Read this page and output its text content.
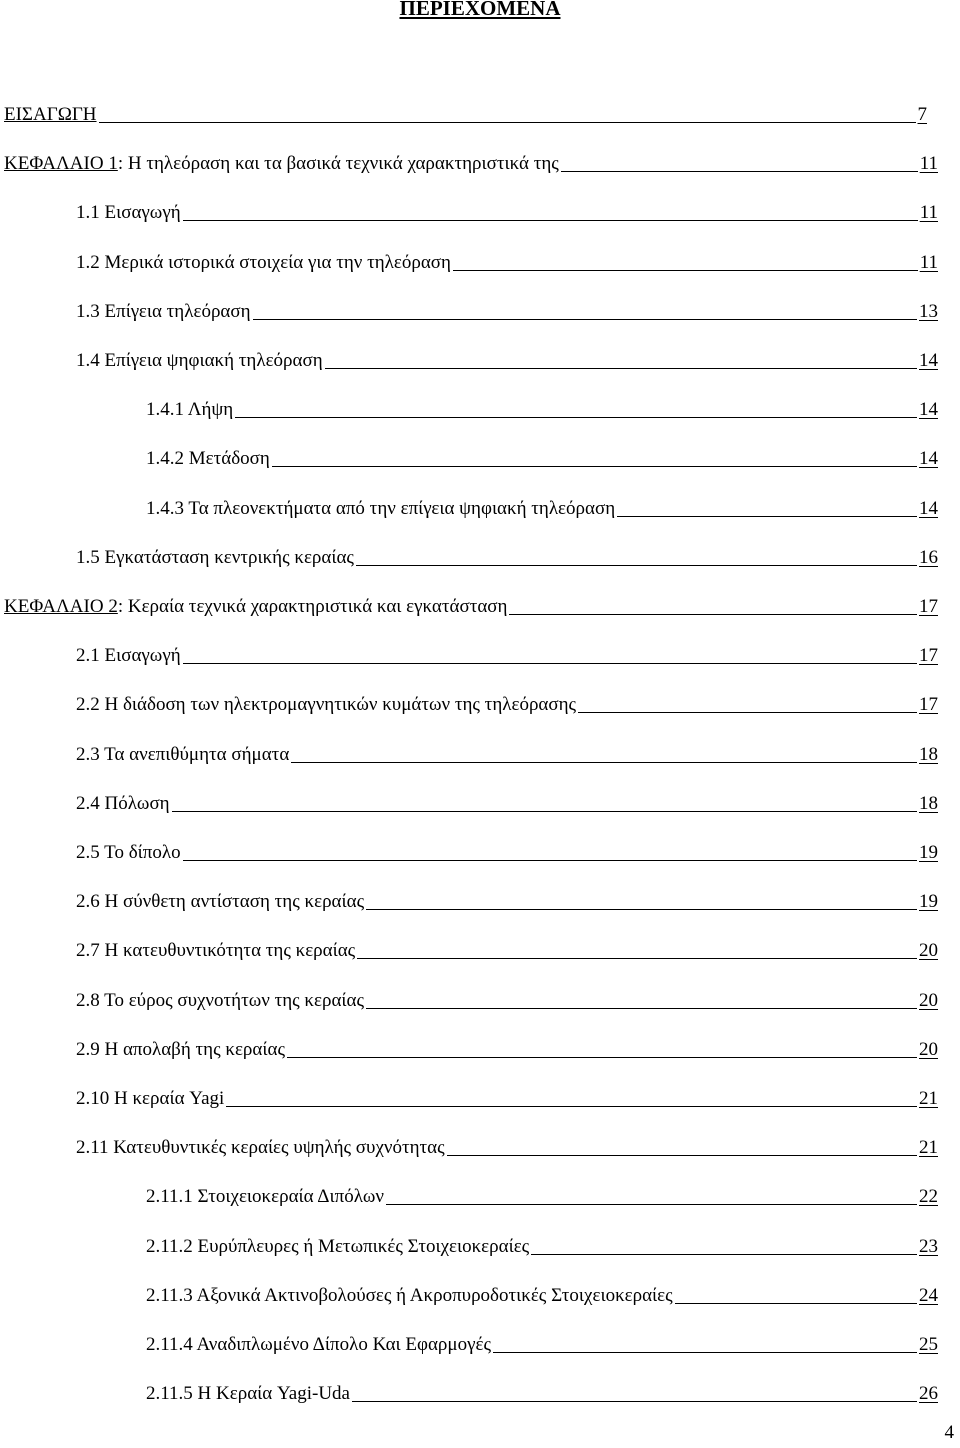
ΠΕΡΙΕΧΟΜΕΝΑ
ΕΙΣΑΓΩΓΗ	7
ΚΕΦΑΛΑΙΟ 1: Η τηλεόραση και τα βασικά τεχνικά χαρακτηριστικά της	11
1.1 Εισαγωγή	11
1.2 Μερικά ιστορικά στοιχεία για την τηλεόραση	11
1.3 Επίγεια τηλεόραση	13
1.4 Επίγεια ψηφιακή τηλεόραση	14
1.4.1 Λήψη	14
1.4.2 Μετάδοση	14
1.4.3 Τα πλεονεκτήματα από την επίγεια ψηφιακή τηλεόραση	14
1.5 Εγκατάσταση κεντρικής κεραίας	16
ΚΕΦΑΛΑΙΟ 2: Κεραία τεχνικά χαρακτηριστικά και εγκατάσταση	17
2.1 Εισαγωγή	17
2.2 Η διάδοση των ηλεκτρομαγνητικών κυμάτων της τηλεόρασης	17
2.3 Τα ανεπιθύμητα σήματα	18
2.4 Πόλωση	18
2.5 Το δίπολο	19
2.6 Η σύνθετη αντίσταση της κεραίας	19
2.7 Η κατευθυντικότητα της κεραίας	20
2.8 Το εύρος συχνοτήτων της κεραίας	20
2.9 Η απολαβή της κεραίας	20
2.10 Η κεραία Yagi	21
2.11 Κατευθυντικές κεραίες υψηλής συχνότητας	21
2.11.1 Στοιχειοκεραία Διπόλων	22
2.11.2 Ευρύπλευρες ή Μετωπικές Στοιχειοκεραίες	23
2.11.3 Αξονικά Ακτινοβολούσες ή Ακροπυροδοτικές Στοιχειοκεραίες	24
2.11.4 Αναδιπλωμένο Δίπολο Και Εφαρμογές	25
2.11.5 Η Κεραία Yagi-Uda	26
4
